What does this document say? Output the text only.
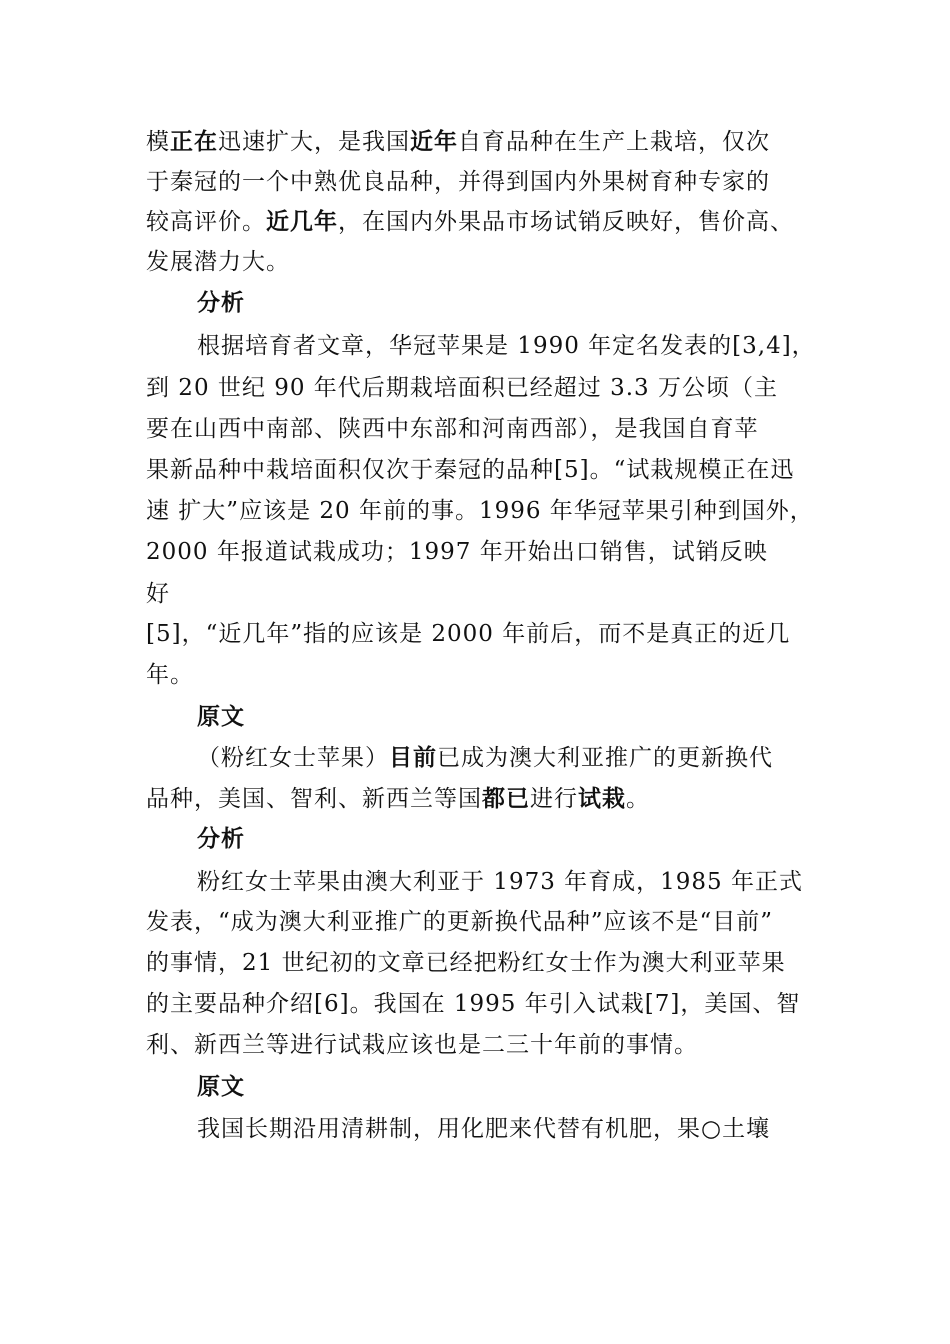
模正在迅速扩大，是我国近年自育品种在生产上栽培，仅次
于秦冠的一个中熟优良品种，并得到国内外果树育种专家的
较高评价。近几年，在国内外果品市场试销反映好，售价高、
发展潜力大。
分析
根据培育者文章，华冠苹果是 1990 年定名发表的[3,4]，
到 20 世纪 90 年代后期栽培面积已经超过 3.3 万公顷（主
要在山西中南部、陕西中东部和河南西部），是我国自育苹
果新品种中栽培面积仅次于秦冠的品种[5]。“试栽规模正在迅
速 扩大”应该是 20 年前的事。1996 年华冠苹果引种到国外，
2000 年报道试栽成功；1997 年开始出口销售，试销反映
好
[5]，“近几年”指的应该是 2000 年前后，而不是真正的近几
年。
原文
（粉红女士苹果）目前已成为澳大利亚推广的更新换代
品种，美国、智利、新西兰等国都已进行试栽。
分析
粉红女士苹果由澳大利亚于 1973 年育成，1985 年正式
发表，“成为澳大利亚推广的更新换代品种”应该不是“目前”
的事情，21 世纪初的文章已经把粉红女士作为澳大利亚苹果
的主要品种介绍[6]。我国在 1995 年引入试栽[7]，美国、智
利、新西兰等进行试栽应该也是二三十年前的事情。
原文
我国长期沿用清耕制，用化肥来代替有机肥，果○土壤
